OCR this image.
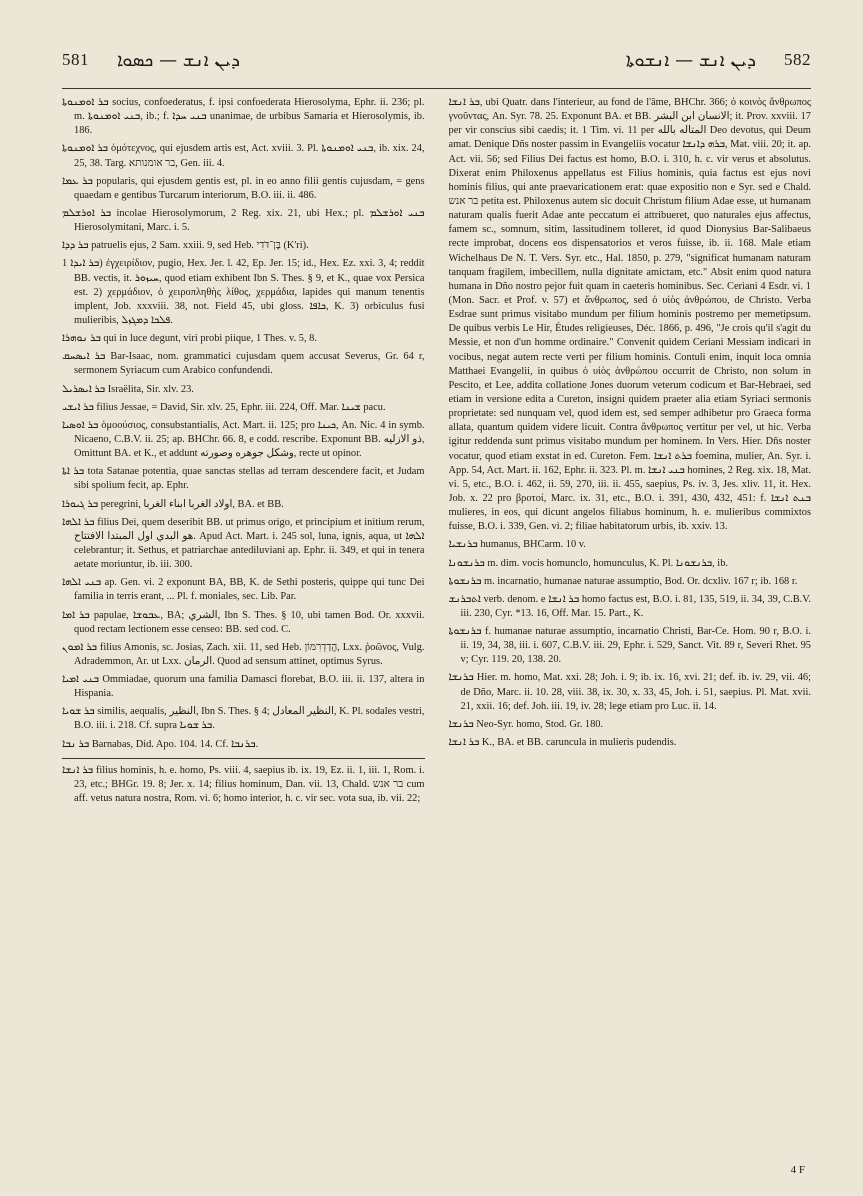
581 ܕܝܢ ܐܢܫ — ܟܣܘܐ	ܕܝܢ ܐܢܫ — ܐܢܫܘܬܐ 582

ܒܪ ܐܘܡܢܘܬܐ socius, confoederatus, f. ipsi confoederata Hierosolyma, Ephr. ii. 236; pl. m. ܒܢܝ ܐܘܡܢܘܬܐ, ib.; f. ܒܢܝ ܚܕܐ unanimae, de urbibus Samaria et Hierosolymis, ib. 186.

ܒܪ ܐܘܡܢܘܬܐ ὁμότεχνος, qui ejusdem artis est, Act. xviii. 3. Pl. ܒܢܝ ܐܘܡܢܘܬܐ, ib. xix. 24, 25, 38. Targ. בר אומנותא, Gen. iii. 4.

ܒܪ ܥܡܐ popularis, qui ejusdem gentis est, pl. in eo anno filii gentis cujusdam, = gens quaedam e gentibus Turcarum interiorum, B.O. iii. ii. 486.

ܒܪ ܐܘܪܫܠܡ incolae Hierosolymorum, 2 Reg. xix. 21, ubi Hex.; pl. ܒܢܝ ܐܘܪܫܠܡ Hierosolymitani, Marc. i. 5.

ܒܪ ܕܕܐ patruelis ejus, 2 Sam. xxiii. 9, sed Heb. בֶּן־דֹּדִי (K'ri).

ܒܪ ܐܝܕܐ 1) ἐγχειρίδιον, pugio, Hex. Jer. l. 42, Ep. Jer. 15; id., Hex. Ez. xxi. 3, 4; reddit BB. vectis, it. ܚܝܙܘܪ, quod etiam exhibent Ibn S. Thes. § 9, et K., quae vox Persica est. 2) χερμάδιον, ὁ χειροπληθὴς λίθος, χερμάδια, lapides qui manum tenentis implent, Job. xxxviii. 38, not. Field 45, ubi gloss. ܟܐܦܐ, K. 3) orbiculus fusi mulieribis, ܦܠܟܐ ܕܡܓܙܠ.

ܒܪ ܢܘܗܪܐ qui in luce degunt, viri probi piique, 1 Thes. v. 5, 8.

ܒܪ ܐܝܣܚܩ Bar-Isaac, nom. grammatici cujusdam quem accusat Severus, Gr. 64 r, sermonem Syriacum cum Arabico confundendi.

ܒܪ ܐܝܣܪܝܠ Israëlita, Sir. xlv. 23.

ܒܪ ܐܝܫܝ filius Jessae, = David, Sir. xlv. 25, Ephr. iii. 224, Off. Mar. ܫܝܢܐ pacu.

ܒܪ ܐܘܣܝܐ ὁμοούσιος, consubstantialis, Act. Mart. ii. 125; pro ܟܝܢܐ, An. Nic. 4 in symb. Nicaeno, C.B.V. ii. 25; ap. BHChr. 66. 8, e codd. rescribe. Exponunt BB. ذو الازليه, Omittunt BA. et K., et addunt وشكل جوهره وصورته, recte ut opinor.

ܒܪ ܐܬܐ tota Satanae potentia, quae sanctas stellas ad terram descendere facit, et Judam sibi spolium fecit, ap. Ephr.

ܒܪ ܓܝܘܪܐ peregrini, اولاد الغربا ابناء الغربا, BA. et BB.

ܒܪ ܐܠܗܐ filius Dei, quem deseribit BB. ut primus origo, et principium et initium rerum, هو البدي اول المبتدا الافتتاح. Apud Act. Mart. i. 245 sol, luna, ignis, aqua, ut ܐܠܗܐ celebrantur; it. Sethus, et patriarchae antediluviani ap. Ephr. ii. 349, et qui in tenera aetate moriuntur, ib. iii. 300.

ܒܢܝ ܐܠܗܐ ap. Gen. vi. 2 exponunt BA, BB, K. de Sethi posteris, quippe qui tunc Dei familia in terris erant, ... Pl. f. moniales, sec. Lib. Par.

ܒܪ ܐܡܐ papulae, ܥܒܘܫܐ, BA; الشري, Ibn S. Thes. § 10, ubi tamen Bod. Or. xxxvii. quod rectam lectionem esse censeo: BB. sed cod. C.

ܒܪ ܐܡܘܢ filius Amonis, sc. Josias, Zach. xii. 11, sed Heb. הֲדַדְרִמּוֹן, Lxx. ῥοῶνος, Vulg. Adrademmon, Ar. ut Lxx. الرمان. Quod ad sensum attinet, optimus Syrus.

ܒܢܝ ܐܡܝܐ Ommiadae, quorum una familia Damasci florebat, B.O. iii. ii. 137, altera in Hispania.

ܒܪ ܫܘܝܐ similis, aequalis, النظير, Ibn S. Thes. § 4; النظير المعادل, K. Pl. sodales vestri, B.O. iii. i. 218. Cf. supra ܒܪ ܫܘܝܐ.

ܒܪ ܢܒܐ Barnabas, Did. Apo. 104. 14. Cf. ܒܪܢܒܐ.

ܒܪ ܐܢܫܐ filius hominis, h. e. homo, Ps. viii. 4, saepius ib. ix. 19, Ez. ii. 1, iii. 1, Rom. i. 23, etc.; BHGr. 19. 8; Jer. x. 14; filius hominum, Dan. vii. 13, Chald. בר אנש cum aff. vetus natura nostra, Rom. vi. 6; homo interior, h. c. vir sec. vota sua, ib. vii. 22;

ܒܪ ܐܢܫܐ, ubi Quatr. dans l'interieur, au fond de l'âme, BHChr. 366; ὁ κοινὸς ἄνθρωπος γνοῦντας, An. Syr. 78. 25. Exponunt BA. et BB. الانسان ابن البشر; it. Prov. xxviii. 17 per vir conscius sibi caedis; it. 1 Tim. vi. 11 per المتاله بالله Deo devotus, qui Deum amat. Denique Dñs noster passim in Evangeliis vocatur ܒܪܗ ܕܐܢܫܐ, Mat. viii. 20; it. ap. Act. vii. 56; sed Filius Dei factus est homo, B.O. i. 310, h. c. vir verus et absolutus. Dixerat enim Philoxenus appellatus est Filius hominis, quia factus est ejus novi hominis filius, qui ante praevaricationem erat: quae expositio non e Syr. sed e Chald. בר אנש petita est. Philoxenus autem sic docuit Christum filium Adae esse, ut humanam naturam qualis fuerit Adae ante peccatum ei attribueret, quo naturales ejus affectus, famem sc., somnum, sitim, lassitudinem tolleret, id quod Dionysius Bar-Salibaeus recte improbat, docens eos dispensatorios et veros fuisse, ib. ii. 168. Male etiam Wichelhaus De N. T. Vers. Syr. etc., Hal. 1850, p. 279, "significat humanam naturam tanquam fragilem, imbecillem, nulla dignitate amictam, etc." Absit enim quod natura humana in Dño nostro pejor fuit quam in caeteris hominibus. Sec. Ceriani 4 Esdr. vi. 1 (Mon. Sacr. et Prof. v. 57) et ἄνθρωπος, sed ὁ υἱὸς ἀνθρώπου, de Christo. Verba Esdrae sunt primus visitabo mundum per filium hominis postremo per memetipsum. De quibus verbis Le Hir, Études religieuses, Déc. 1866, p. 496, "Je crois qu'il s'agit du Messie, et non d'un homme ordinaire." Convenit quidem Ceriani Messiam indicari in vocibus, negat autem recte verti per filium hominis. Contuli enim, inquit loca omnia Matthaei Evangelii, in quibus ὁ υἱὸς ἀνθρώπου occurrit de Christo, non solum in Pescito, et Lee, addita collatione Jones duorum veterum codicum et Bar-Hebraei, sed etiam in versione edita a Cureton, insigni quidem praeter alia etiam Syriaci sermonis proprietate: sed nunquam vel, quod idem est, sed semper adhibetur pro Graeca forma allata, quantum quidem videre licuit. Contra ἄνθρωπος vertitur per vel, ut hic. Verba igitur reddenda sunt primus visitabo mundum per hominem. In Vers. Hier. Dñs noster vocatur, quod etiam exstat in ed. Cureton. Fem. ܒܪܬ ܐܢܫܐ foemina, mulier, An. Syr. i. App. 54, Act. Mart. ii. 162, Ephr. ii. 323. Pl. m. ܒܢܝ ܐܢܫܐ homines, 2 Reg. xix. 18, Mat. vi. 5, etc., B.O. i. 462, ii. 59, 270, iii. ii. 455, saepius, Ps. iv. 3, Jes. xliv. 11, it. Hex. Job. x. 22 pro βροτοί, Marc. ix. 31, etc., B.O. i. 391, 430, 432, 451: f. ܒܢܬ ܐܢܫܐ mulieres, in eos, qui dicunt angelos filiabus hominum, h. e. mulieribus commixtos fuisse, B.O. i. 339, Gen. vi. 2; filiae habitatorum urbis, ib. xxiv. 13.

ܒܪܢܫܝܐ humanus, BHCarm. 10 v.

ܒܪܢܫܘܢܐ m. dim. vocis homunclo, homunculus, K. Pl. ܒܪܢܫܘܢܐ, ib.

ܒܪܢܫܘܬܐ m. incarnatio, humanae naturae assumptio, Bod. Or. dcxliv. 167 r; ib. 168 r.

ܐܬܒܪܢܫ verb. denom. e ܒܪ ܐܢܫܐ homo factus est, B.O. i. 81, 135, 519, ii. 34, 39, C.B.V. iii. 230, Cyr. *13. 16, Off. Mar. 15. Part., K.

ܒܪܢܫܘܬܐ f. humanae naturae assumptio, incarnatio Christi, Bar-Ce. Hom. 90 r, B.O. i. ii. 19, 34, 38, iii. i. 607, C.B.V. iii. 29, Ephr. i. 529, Sanct. Vit. 89 r, Severi Rhet. 95 v; Cyr. 119. 20, 138. 20.

ܒܪܢܫܐ Hier. m. homo, Mat. xxi. 28; Joh. i. 9; ib. ix. 16, xvi. 21; def. ib. iv. 29, vii. 46; de Dño, Marc. ii. 10. 28, viii. 38, ix. 30, x. 33, 45, Joh. i. 51, saepius. Pl. Mat. xvii. 21, xxii. 16; def. Joh. iii. 19, iv. 28; lege etiam pro Luc. ii. 14.

ܒܪܢܫܐ Neo-Syr. homo, Stod. Gr. 180.

ܒܪ ܐܢܫܐ K., BA. et BB. caruncula in mulieris pudendis.

4 F
